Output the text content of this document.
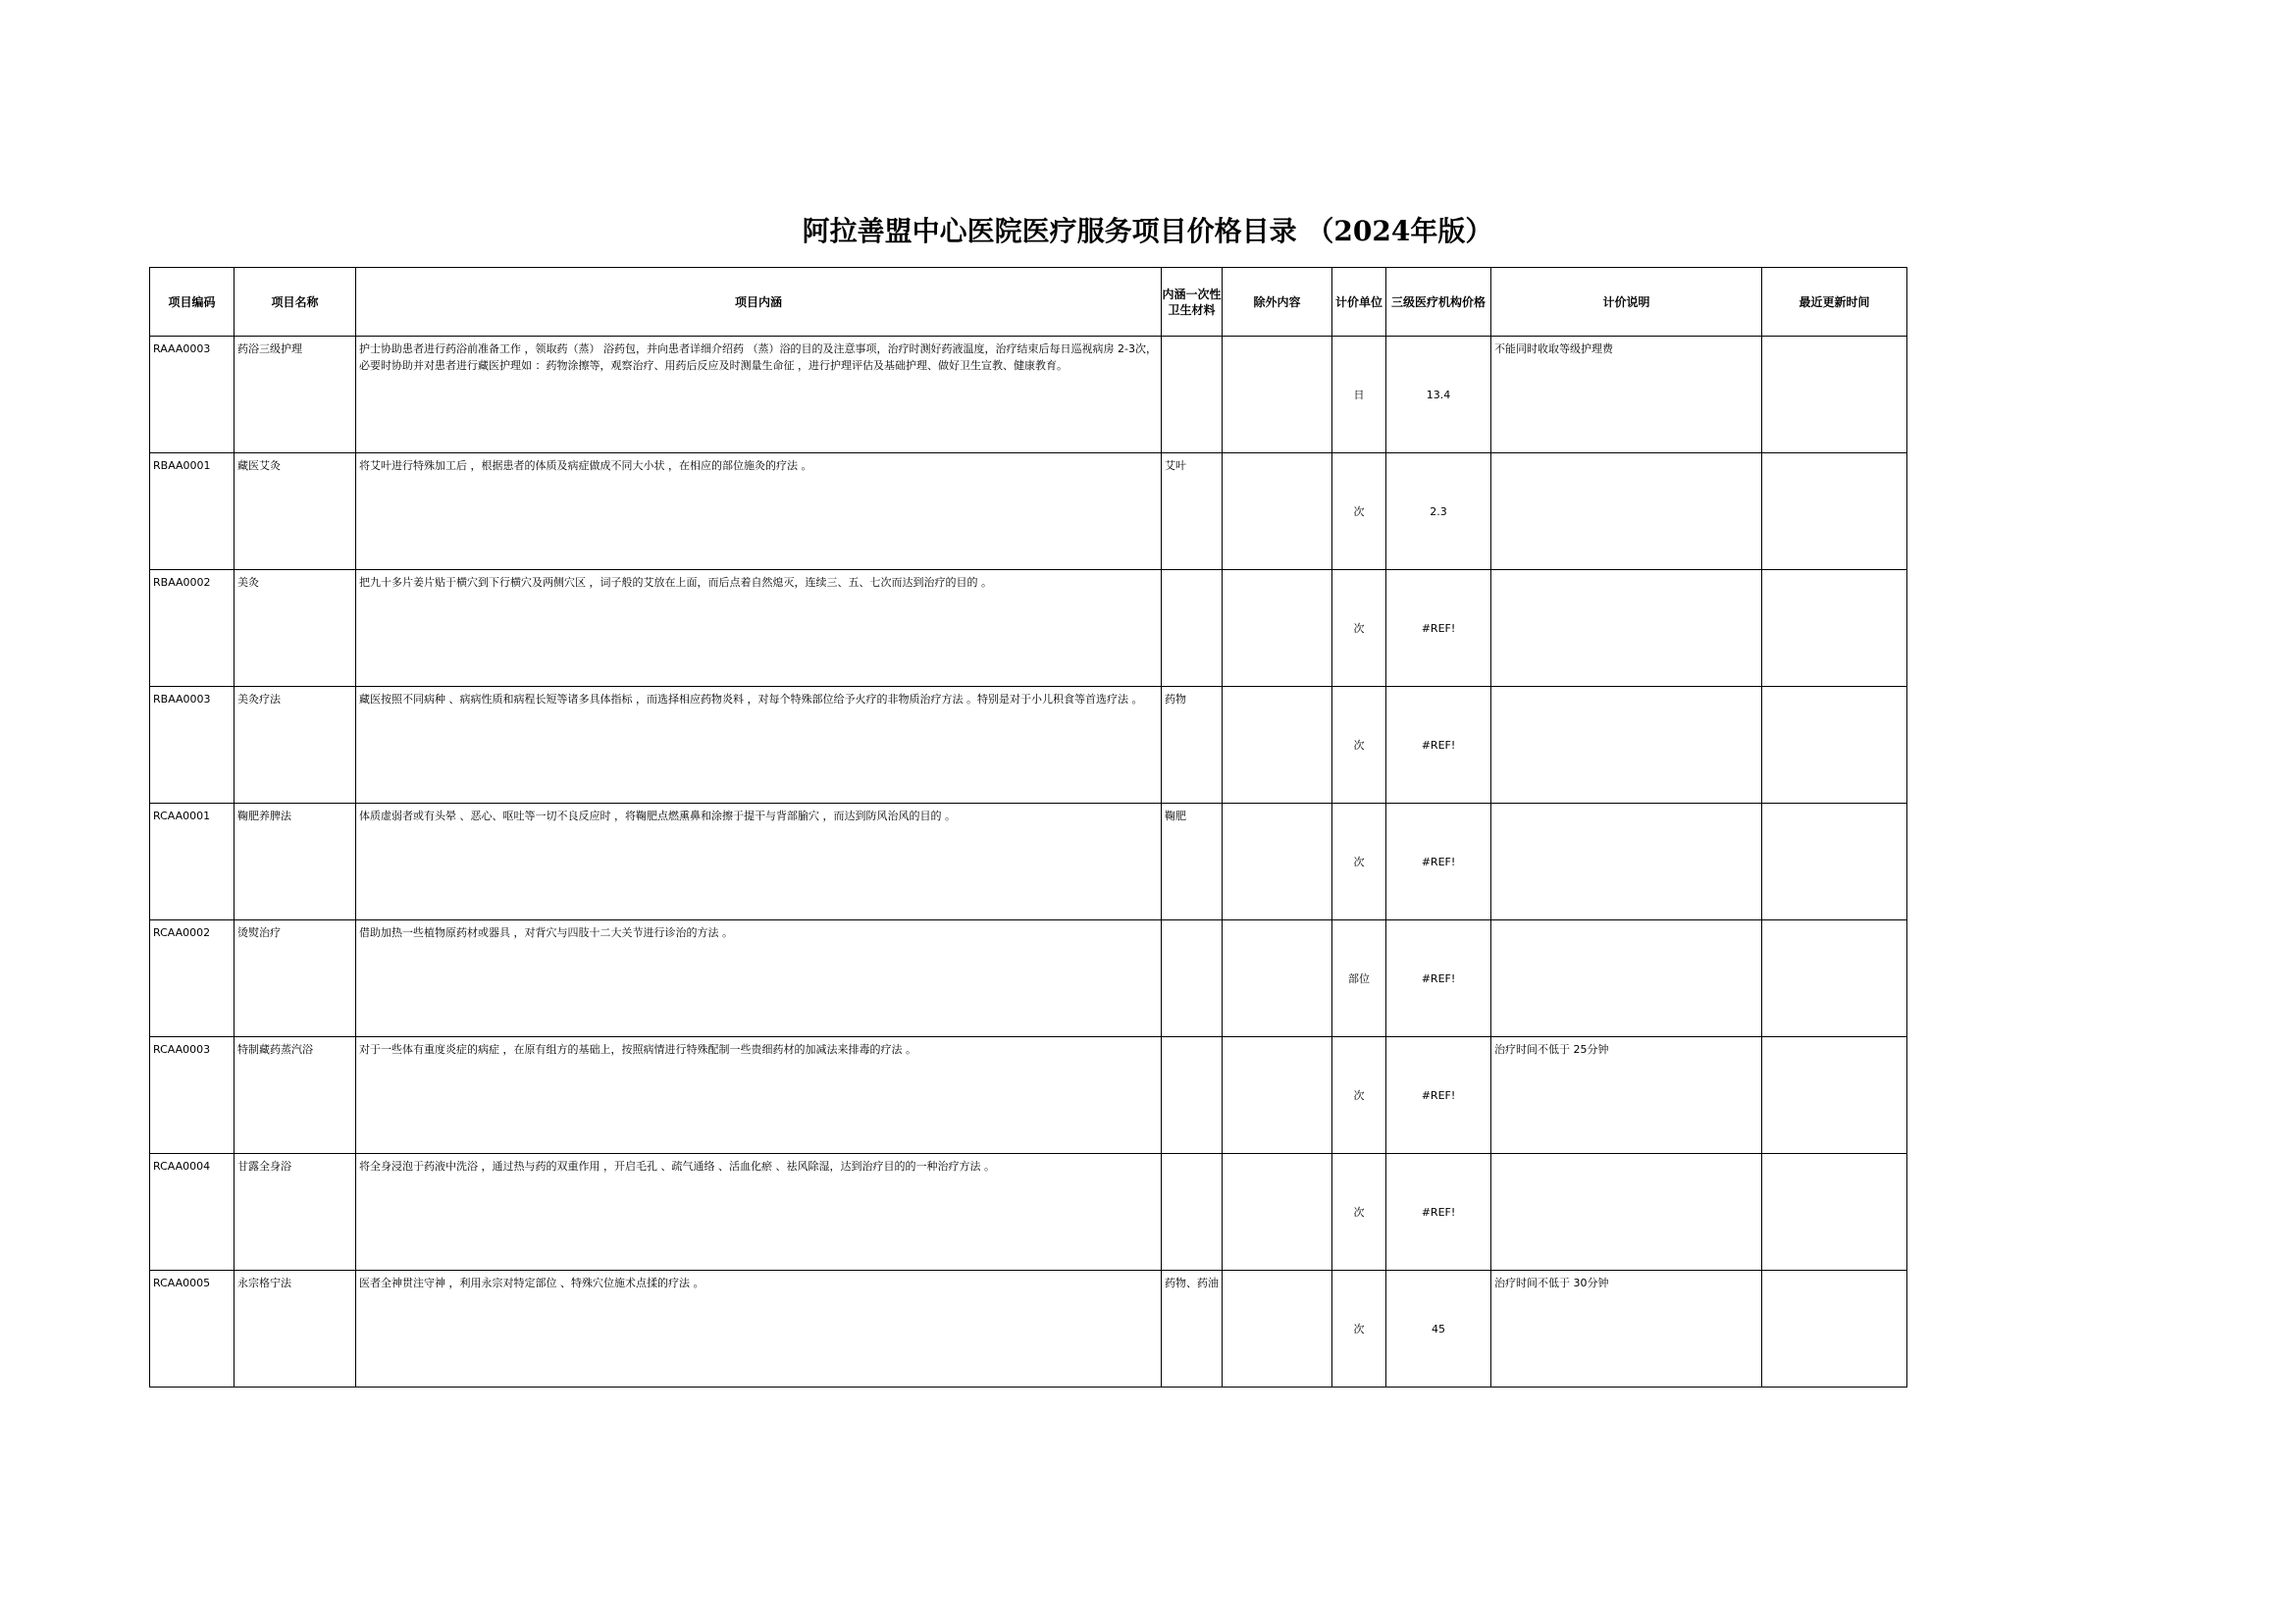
阿拉善盟中心医院医疗服务项目价格目录 （2024年版）
项目编码	项目名称	项目内涵	内涵一次性卫生材料	除外内容	计价单位	三级医疗机构价格	计价说明	最近更新时间
RAAA0003	药浴三级护理	护士协助患者进行药浴前准备工作 ，领取药（蒸） 浴药包，并向患者详细介绍药 （蒸）浴的目的及注意事项，治疗时测好药液温度，治疗结束后每日巡视病房 2-3次，必要时协助并对患者进行藏医护理如 ：药物涂擦等，观察治疗、用药后反应及时测量生命征 ，进行护理评估及基础护理、做好卫生宣教、健康教育。			日	13.4	不能同时收取等级护理费	
RBAA0001	藏医艾灸	将艾叶进行特殊加工后 ，根据患者的体质及病症做成不同大小状 ，在相应的部位施灸的疗法 。	艾叶		次	2.3		
RBAA0002	美灸	把九十多片姜片贴于横穴到下行横穴及两侧穴区 ，词子般的艾放在上面，而后点着自然熄灭，连续三、五、七次而达到治疗的目的 。			次	#REF!		
RBAA0003	美灸疗法	藏医按照不同病种 、病病性质和病程长短等诸多具体指标 ，而选择相应药物炎料 ，对每个特殊部位给予火疗的非物质治疗方法 。特别是对于小儿积食等首选疗法 。	药物		次	#REF!		
RCAA0001	鞠肥养脾法	体质虚弱者或有头晕 、恶心、呕吐等一切不良反应时 ，将鞠肥点燃熏鼻和涂擦于提干与背部腧穴 ，而达到防风治风的目的 。	鞠肥		次	#REF!		
RCAA0002	烫熨治疗	借助加热一些植物原药材或器具 ，对背穴与四肢十二大关节进行诊治的方法 。			部位	#REF!		
RCAA0003	特制藏药蒸汽浴	对于一些体有重度炎症的病症 ，在原有组方的基础上，按照病情进行特殊配制一些贵细药材的加减法来排毒的疗法 。			次	#REF!	治疗时间不低于 25分钟	
RCAA0004	甘露全身浴	将全身浸泡于药液中洗浴 ，通过热与药的双重作用 ，开启毛孔 、疏气通络 、活血化瘀 、祛风除湿，达到治疗目的的一种治疗方法 。			次	#REF!		
RCAA0005	永宗格宁法	医者全神贯注守神 ，利用永宗对特定部位 、特殊穴位施术点揉的疗法 。	药物、药油		次	45	治疗时间不低于 30分钟	
